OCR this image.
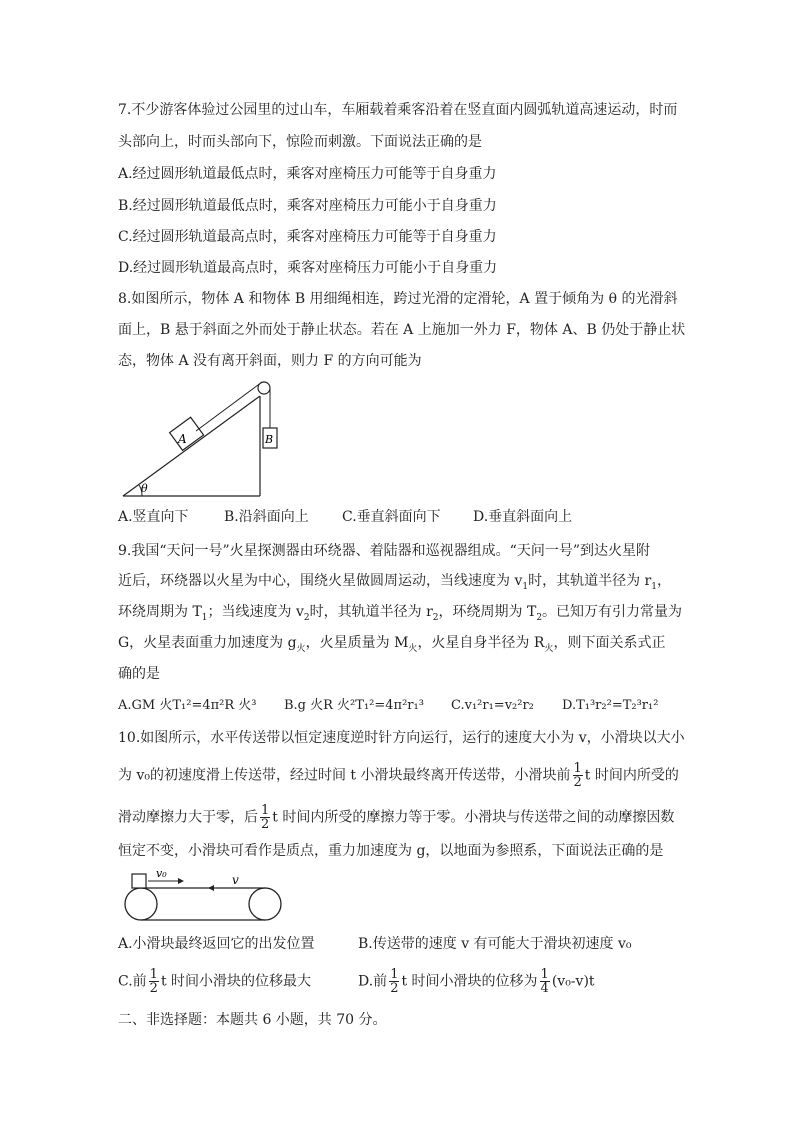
7.不少游客体验过公园里的过山车，车厢载着乘客沿着在竖直面内圆弧轨道高速运动，时而
头部向上，时而头部向下，惊险而刺激。下面说法正确的是
A.经过圆形轨道最低点时，乘客对座椅压力可能等于自身重力
B.经过圆形轨道最低点时，乘客对座椅压力可能小于自身重力
C.经过圆形轨道最高点时，乘客对座椅压力可能等于自身重力
D.经过圆形轨道最高点时，乘客对座椅压力可能小于自身重力
8.如图所示，物体 A 和物体 B 用细绳相连，跨过光滑的定滑轮，A 置于倾角为 θ 的光滑斜
面上，B 悬于斜面之外而处于静止状态。若在 A 上施加一外力 F，物体 A、B 仍处于静止状
态，物体 A 没有离开斜面，则力 F 的方向可能为
θ
A	B
A.竖直向下	B.沿斜面向上 C.垂直斜面向下 D.垂直斜面向上
9.我国“天问一号”火星探测器由环绕器、着陆器和巡视器组成。“天问一号”到达火星附
近后，环绕器以火星为中心，围绕火星做圆周运动，当线速度为 $v_1$时，其轨道半径为 $r_1$，
环绕周期为 $T_1$；当线速度为 $v_2$时，其轨道半径为 $r_2$，环绕周期为 $T_2$。已知万有引力常量为
G，火星表面重力加速度为 $g_火$，火星质量为 $M_火$，火星自身半径为 $R_火$，则下面关系式正
确的是
A.GM 火T₁²=4π²R 火³ B.g 火R 火²T₁²=4π²r₁³ C.v₁²r₁=v₂²r₂ D.T₁³r₂²=T₂³r₁²
10.如图所示，水平传送带以恒定速度逆时针方向运行，运行的速度大小为 v，小滑块以大小
为 v₀的初速度滑上传送带，经过时间 t 小滑块最终离开传送带，小滑块前 $\frac{1}{2}$ t 时间内所受的
滑动摩擦力大于零，后 $\frac{1}{2}$ t 时间内所受的摩擦力等于零。小滑块与传送带之间的动摩擦因数
恒定不变，小滑块可看作是质点，重力加速度为 g，以地面为参照系，下面说法正确的是
v₀	v
A.小滑块最终返回它的出发位置	B.传送带的速度 v 有可能大于滑块初速度 v₀
C.前 $\frac{1}{2}$ t 时间小滑块的位移最大	D.前 $\frac{1}{2}$ t 时间小滑块的位移为 $\frac{1}{4} (v_0-v)t$
二、非选择题：本题共 6 小题，共 70 分。
